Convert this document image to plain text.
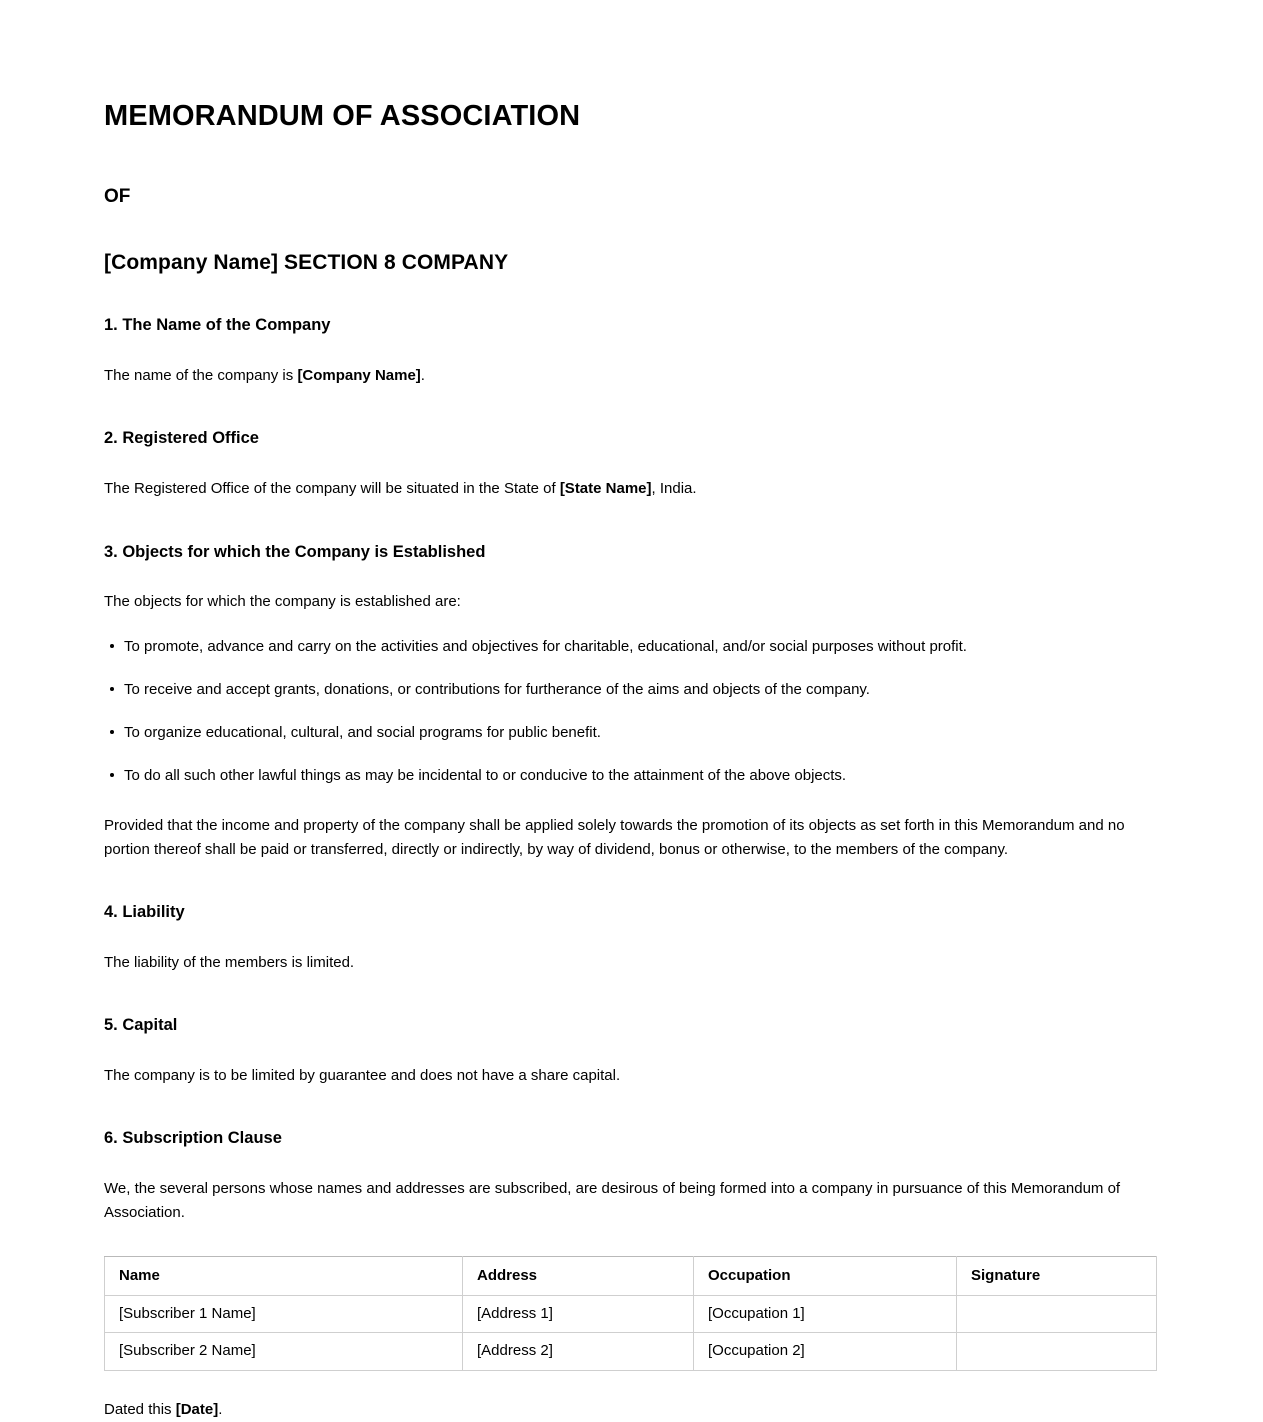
MEMORANDUM OF ASSOCIATION
OF
[Company Name] SECTION 8 COMPANY
1. The Name of the Company

The name of the company is [Company Name].

2. Registered Office

The Registered Office of the company will be situated in the State of [State Name], India.

3. Objects for which the Company is Established

The objects for which the company is established are:

To promote, advance and carry on the activities and objectives for charitable, educational, and/or social purposes without profit.
To receive and accept grants, donations, or contributions for furtherance of the aims and objects of the company.
To organize educational, cultural, and social programs for public benefit.
To do all such other lawful things as may be incidental to or conducive to the attainment of the above objects.

Provided that the income and property of the company shall be applied solely towards the promotion of its objects as set forth in this Memorandum and no portion thereof shall be paid or transferred, directly or indirectly, by way of dividend, bonus or otherwise, to the members of the company.

4. Liability

The liability of the members is limited.

5. Capital

The company is to be limited by guarantee and does not have a share capital.

6. Subscription Clause

We, the several persons whose names and addresses are subscribed, are desirous of being formed into a company in pursuance of this Memorandum of Association.

Name	Address	Occupation	Signature
[Subscriber 1 Name]	[Address 1]	[Occupation 1]	
[Subscriber 2 Name]	[Address 2]	[Occupation 2]	

Dated this [Date].
